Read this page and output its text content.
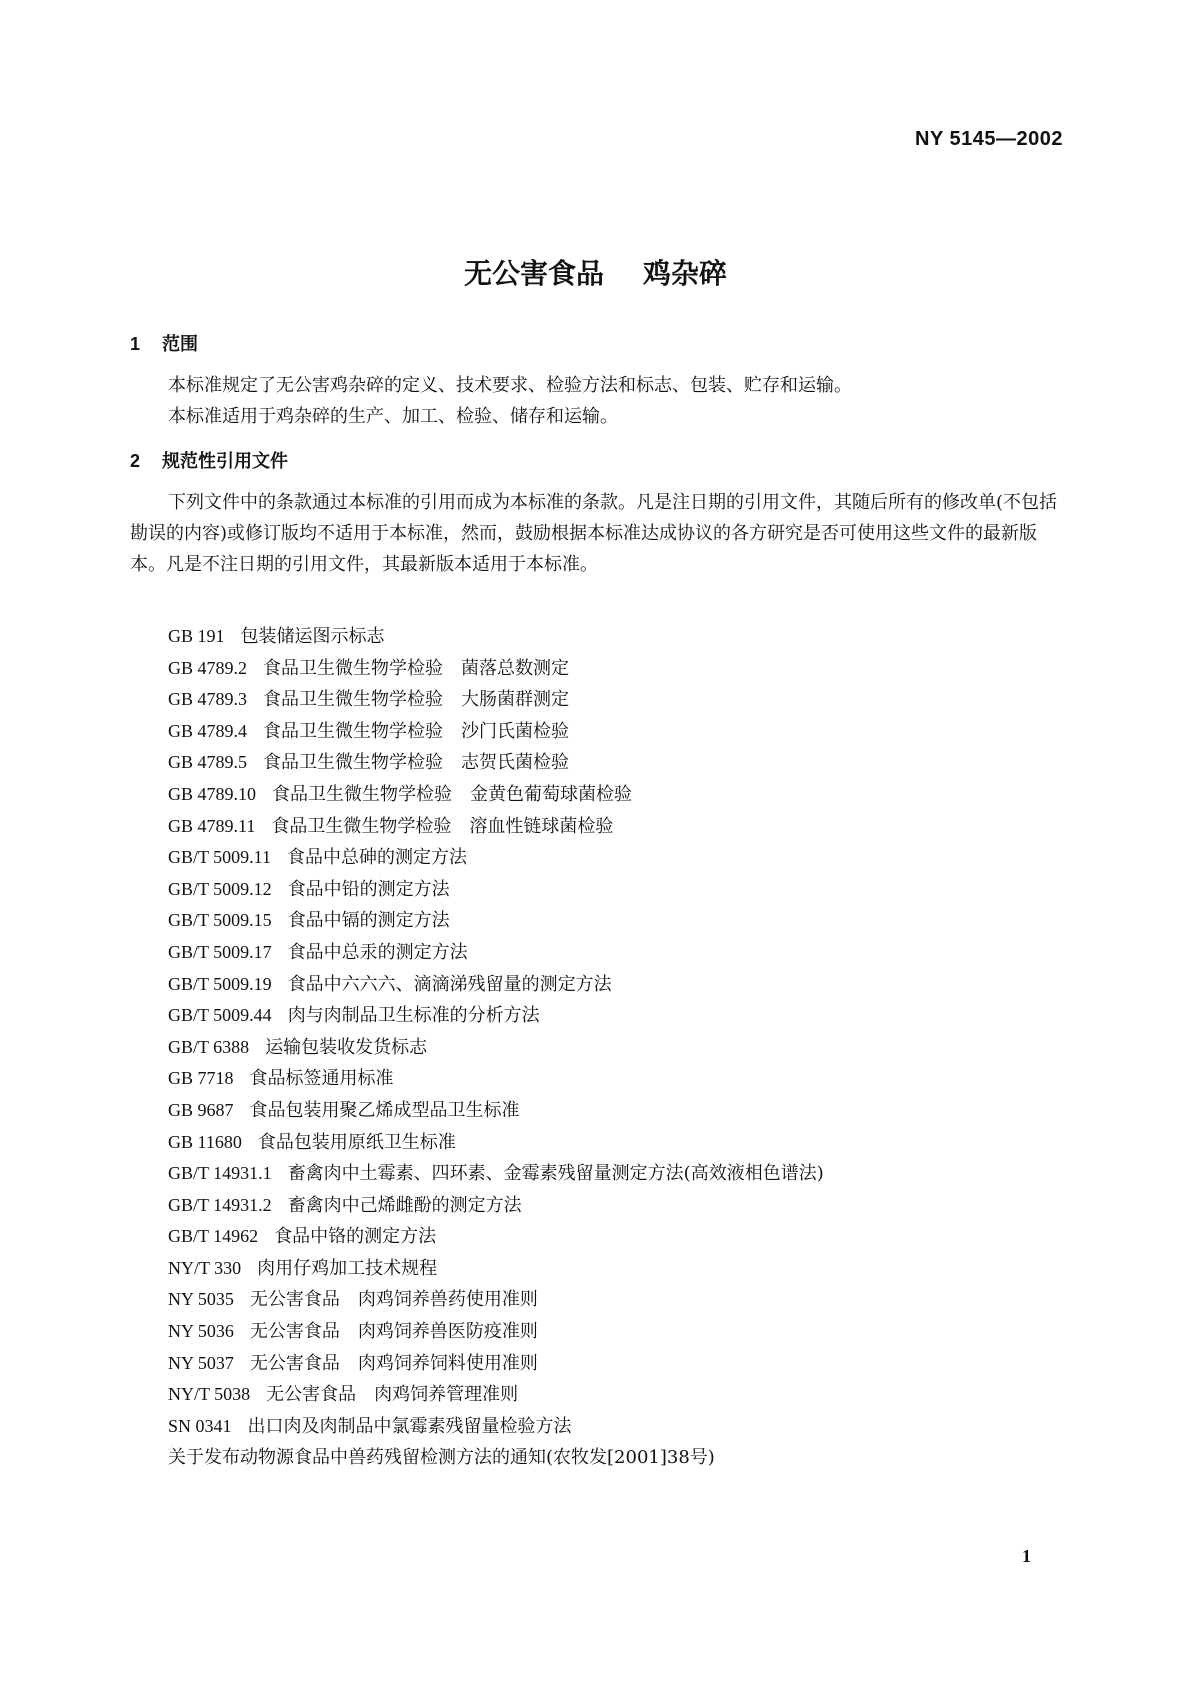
NY 5145—2002
无公害食品 鸡杂碎
1 范围
本标准规定了无公害鸡杂碎的定义、技术要求、检验方法和标志、包装、贮存和运输。
本标准适用于鸡杂碎的生产、加工、检验、储存和运输。
2 规范性引用文件
下列文件中的条款通过本标准的引用而成为本标准的条款。凡是注日期的引用文件，其随后所有的修改单(不包括勘误的内容)或修订版均不适用于本标准，然而，鼓励根据本标准达成协议的各方研究是否可使用这些文件的最新版本。凡是不注日期的引用文件，其最新版本适用于本标准。
GB 191 包装储运图示标志
GB 4789.2 食品卫生微生物学检验　菌落总数测定
GB 4789.3 食品卫生微生物学检验　大肠菌群测定
GB 4789.4 食品卫生微生物学检验　沙门氏菌检验
GB 4789.5 食品卫生微生物学检验　志贺氏菌检验
GB 4789.10 食品卫生微生物学检验　金黄色葡萄球菌检验
GB 4789.11 食品卫生微生物学检验　溶血性链球菌检验
GB/T 5009.11 食品中总砷的测定方法
GB/T 5009.12 食品中铅的测定方法
GB/T 5009.15 食品中镉的测定方法
GB/T 5009.17 食品中总汞的测定方法
GB/T 5009.19 食品中六六六、滴滴涕残留量的测定方法
GB/T 5009.44 肉与肉制品卫生标准的分析方法
GB/T 6388 运输包装收发货标志
GB 7718 食品标签通用标准
GB 9687 食品包装用聚乙烯成型品卫生标准
GB 11680 食品包装用原纸卫生标准
GB/T 14931.1 畜禽肉中土霉素、四环素、金霉素残留量测定方法(高效液相色谱法)
GB/T 14931.2 畜禽肉中己烯雌酚的测定方法
GB/T 14962 食品中铬的测定方法
NY/T 330 肉用仔鸡加工技术规程
NY 5035 无公害食品　肉鸡饲养兽药使用准则
NY 5036 无公害食品　肉鸡饲养兽医防疫准则
NY 5037 无公害食品　肉鸡饲养饲料使用准则
NY/T 5038 无公害食品　肉鸡饲养管理准则
SN 0341 出口肉及肉制品中氯霉素残留量检验方法
关于发布动物源食品中兽药残留检测方法的通知(农牧发[2001]38号)
1
